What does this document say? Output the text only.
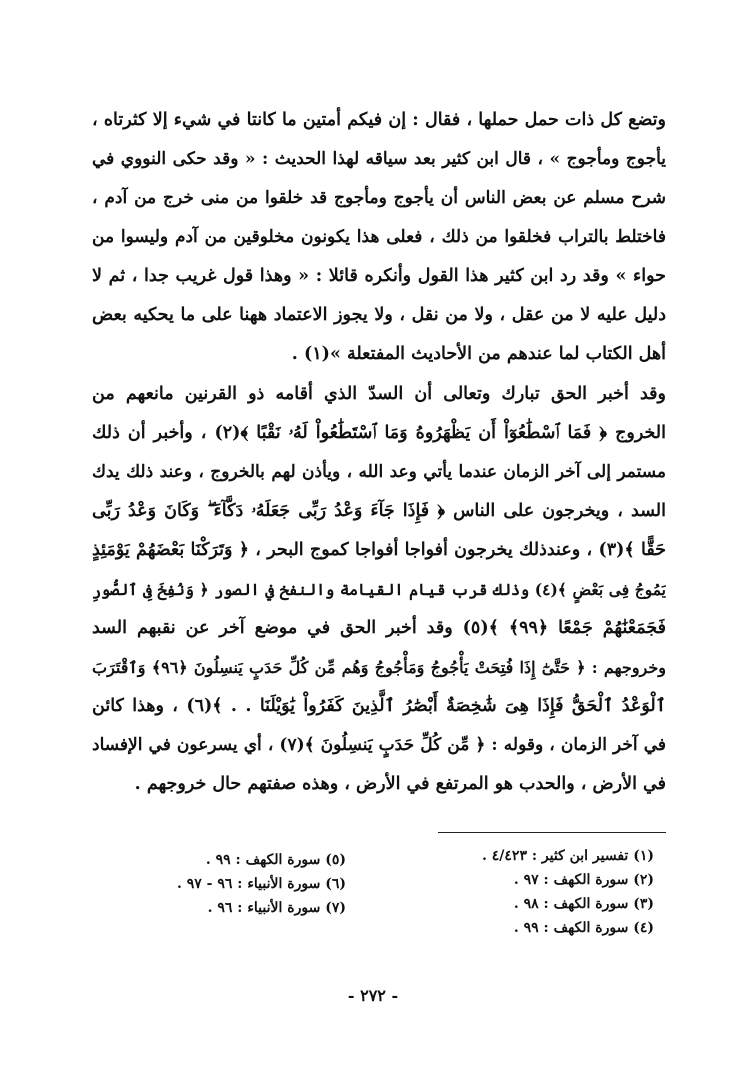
وتضع كل ذات حمل حملها ، فقال : إن فيكم أمتين ما كانتا في شيء إلا كثرتاه ،
يأجوج ومأجوج » ، قال ابن كثير بعد سياقه لهذا الحديث : « وقد حكى النووي في
شرح مسلم عن بعض الناس أن يأجوج ومأجوج قد خلقوا من منى خرج من آدم ،
فاختلط بالتراب فخلقوا من ذلك ، فعلى هذا يكونون مخلوقين من آدم وليسوا من
حواء » وقد رد ابن كثير هذا القول وأنكره قائلا : « وهذا قول غريب جدا ، ثم لا
دليل عليه لا من عقل ، ولا من نقل ، ولا يجوز الاعتماد ههنا على ما يحكيه بعض
أهل الكتاب لما عندهم من الأحاديث المفتعلة »(١) .
وقد أخبر الحق تبارك وتعالى أن السدّ الذي أقامه ذو القرنين مانعهم من
الخروج ﴿ فَمَا ٱسْطَٰعُوٓاْ أَن يَظْهَرُوهُ وَمَا ٱسْتَطَٰعُواْ لَهُۥ نَقْبًا ﴾(٢) ، وأخبر أن ذلك
مستمر إلى آخر الزمان عندما يأتي وعد الله ، ويأذن لهم بالخروج ، وعند ذلك يدك
السد ، ويخرجون على الناس ﴿ فَإِذَا جَآءَ وَعْدُ رَبِّى جَعَلَهُۥ دَكَّآءَ ۖ وَكَانَ وَعْدُ رَبِّى
حَقًّا ﴾(٣) ، وعندذلك يخرجون أفواجا أفواجا كموج البحر ، ﴿ وَتَرَكْنَا بَعْضَهُمْ يَوْمَئِذٍ
يَمُوجُ فِى بَعْضٍ ﴾(٤) وذلك قرب قيام القيامة والنفخ في الصور ﴿ وَنُفِخَ فِى ٱلصُّورِ
فَجَمَعْنَٰهُمْ جَمْعًا ﴿٩٩﴾ ﴾(٥) وقد أخبر الحق في موضع آخر عن نقبهم السد
وخروجهم : ﴿ حَتَّىٰٓ إِذَا فُتِحَتْ يَأْجُوجُ وَمَأْجُوجُ وَهُم مِّن كُلِّ حَدَبٍ يَنسِلُونَ ﴿٩٦﴾ وَٱقْتَرَبَ
ٱلْوَعْدُ ٱلْحَقُّ فَإِذَا هِىَ شَٰخِصَةٌ أَبْصَٰرُ ٱلَّذِينَ كَفَرُواْ يَٰوَيْلَنَا . . ﴾(٦) ، وهذا كائن
في آخر الزمان ، وقوله : ﴿ مِّن كُلِّ حَدَبٍ يَنسِلُونَ ﴾(٧) ، أي يسرعون في الإفساد
في الأرض ، والحدب هو المرتفع في الأرض ، وهذه صفتهم حال خروجهم .
(١) تفسير ابن كثير : ٤/٤٢٣ .
(٢) سورة الكهف : ٩٧ .
(٣) سورة الكهف : ٩٨ .
(٤) سورة الكهف : ٩٩ .
(٥) سورة الكهف : ٩٩ .
(٦) سورة الأنبياء : ٩٦ - ٩٧ .
(٧) سورة الأنبياء : ٩٦ .
- ٢٧٢ -
